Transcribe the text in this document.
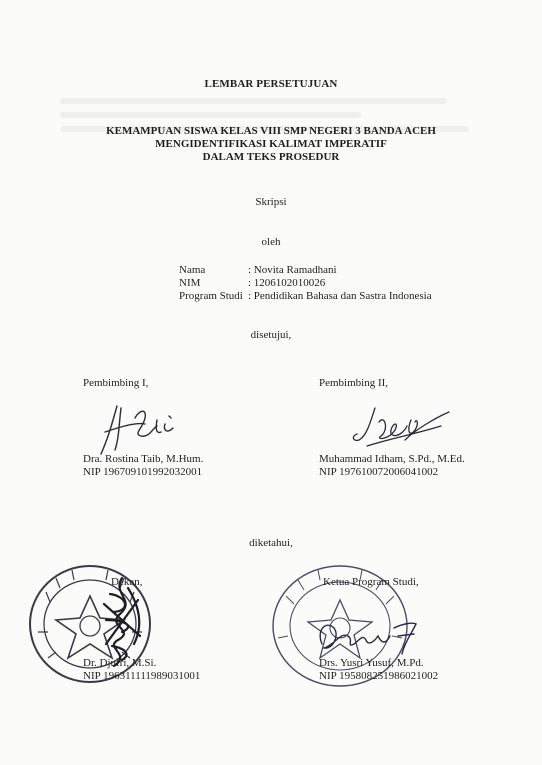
LEMBAR PERSETUJUAN
KEMAMPUAN SISWA KELAS VIII SMP NEGERI 3 BANDA ACEH
MENGIDENTIFIKASI KALIMAT IMPERATIF
DALAM TEKS PROSEDUR
Skripsi
oleh
Nama	: Novita Ramadhani
NIM	: 1206102010026
Program Studi : Pendidikan Bahasa dan Sastra Indonesia
disetujui,
Pembimbing I,	Pembimbing II,
Dra. Rostina Taib, M.Hum.
NIP 196709101992032001
Muhammad Idham, S.Pd., M.Ed.
NIP 197610072006041002
diketahui,
Dekan,	Ketua Program Studi,
Dr. Djufri, M.Si.
NIP 196311111989031001
Drs. Yusri Yusuf, M.Pd.
NIP 195808251986021002
